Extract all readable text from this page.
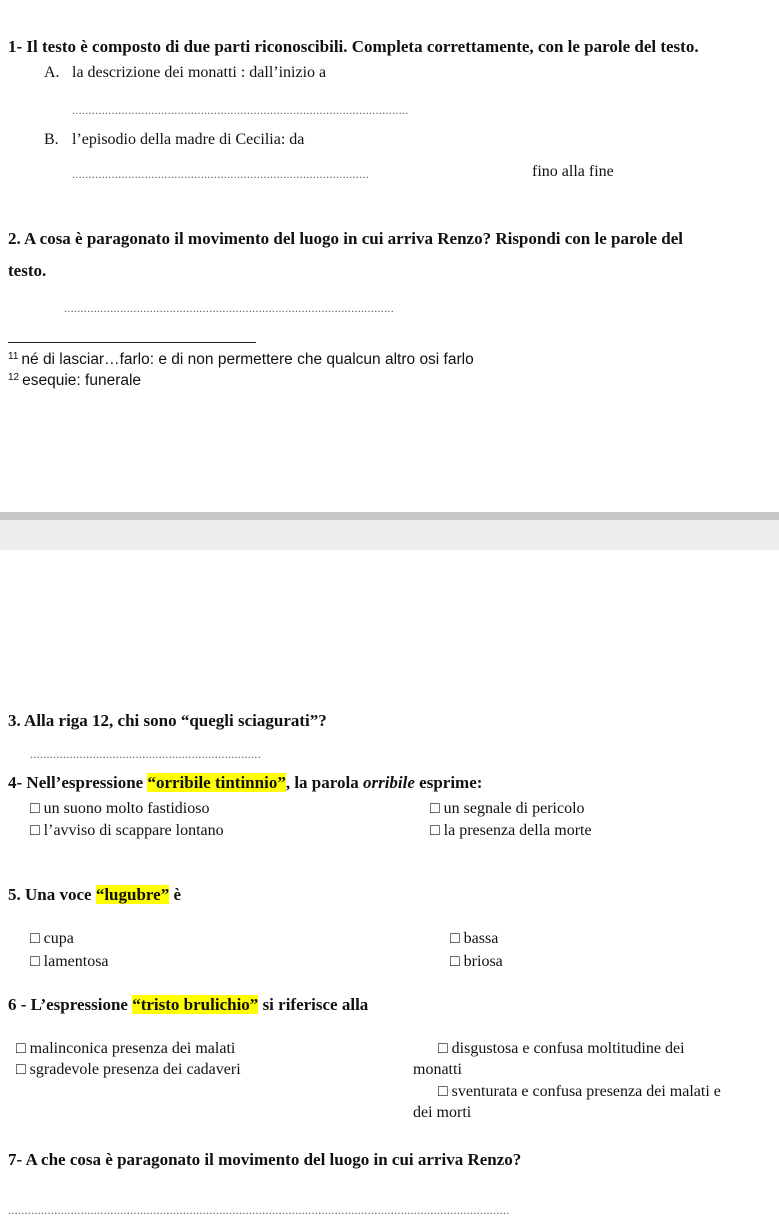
1- Il testo è composto di due parti riconoscibili. Completa correttamente, con le parole del testo.
A. la descrizione dei monatti : dall’inizio a
......................................................................................................
B. l’episodio della madre di Cecilia: da
..........................................................................................	fino alla fine
2. A cosa è paragonato il movimento del luogo in cui arriva Renzo? Rispondi con le parole del
testo.
....................................................................................................
$^{11}$ né di lasciar…farlo: e di non permettere che qualcun altro osi farlo
$^{12}$ esequie: funerale
3. Alla riga 12, chi sono “quegli sciagurati”?
......................................................................
4- Nell’espressione “orribile tintinnio”, la parola orribile esprime:
□ un suono molto fastidioso	□ un segnale di pericolo
□ l’avviso di scappare lontano	□ la presenza della morte
5. Una voce “lugubre” è
□ cupa	□ bassa
□ lamentosa	□ briosa
6 - L’espressione “tristo brulichio” si riferisce alla
□ malinconica presenza dei malati
□ sgradevole presenza dei cadaveri
□ disgustosa e confusa moltitudine dei
monatti
□ sventurata e confusa presenza dei malati e
dei morti
7- A che cosa è paragonato il movimento del luogo in cui arriva Renzo?
........................................................................................................................................................
